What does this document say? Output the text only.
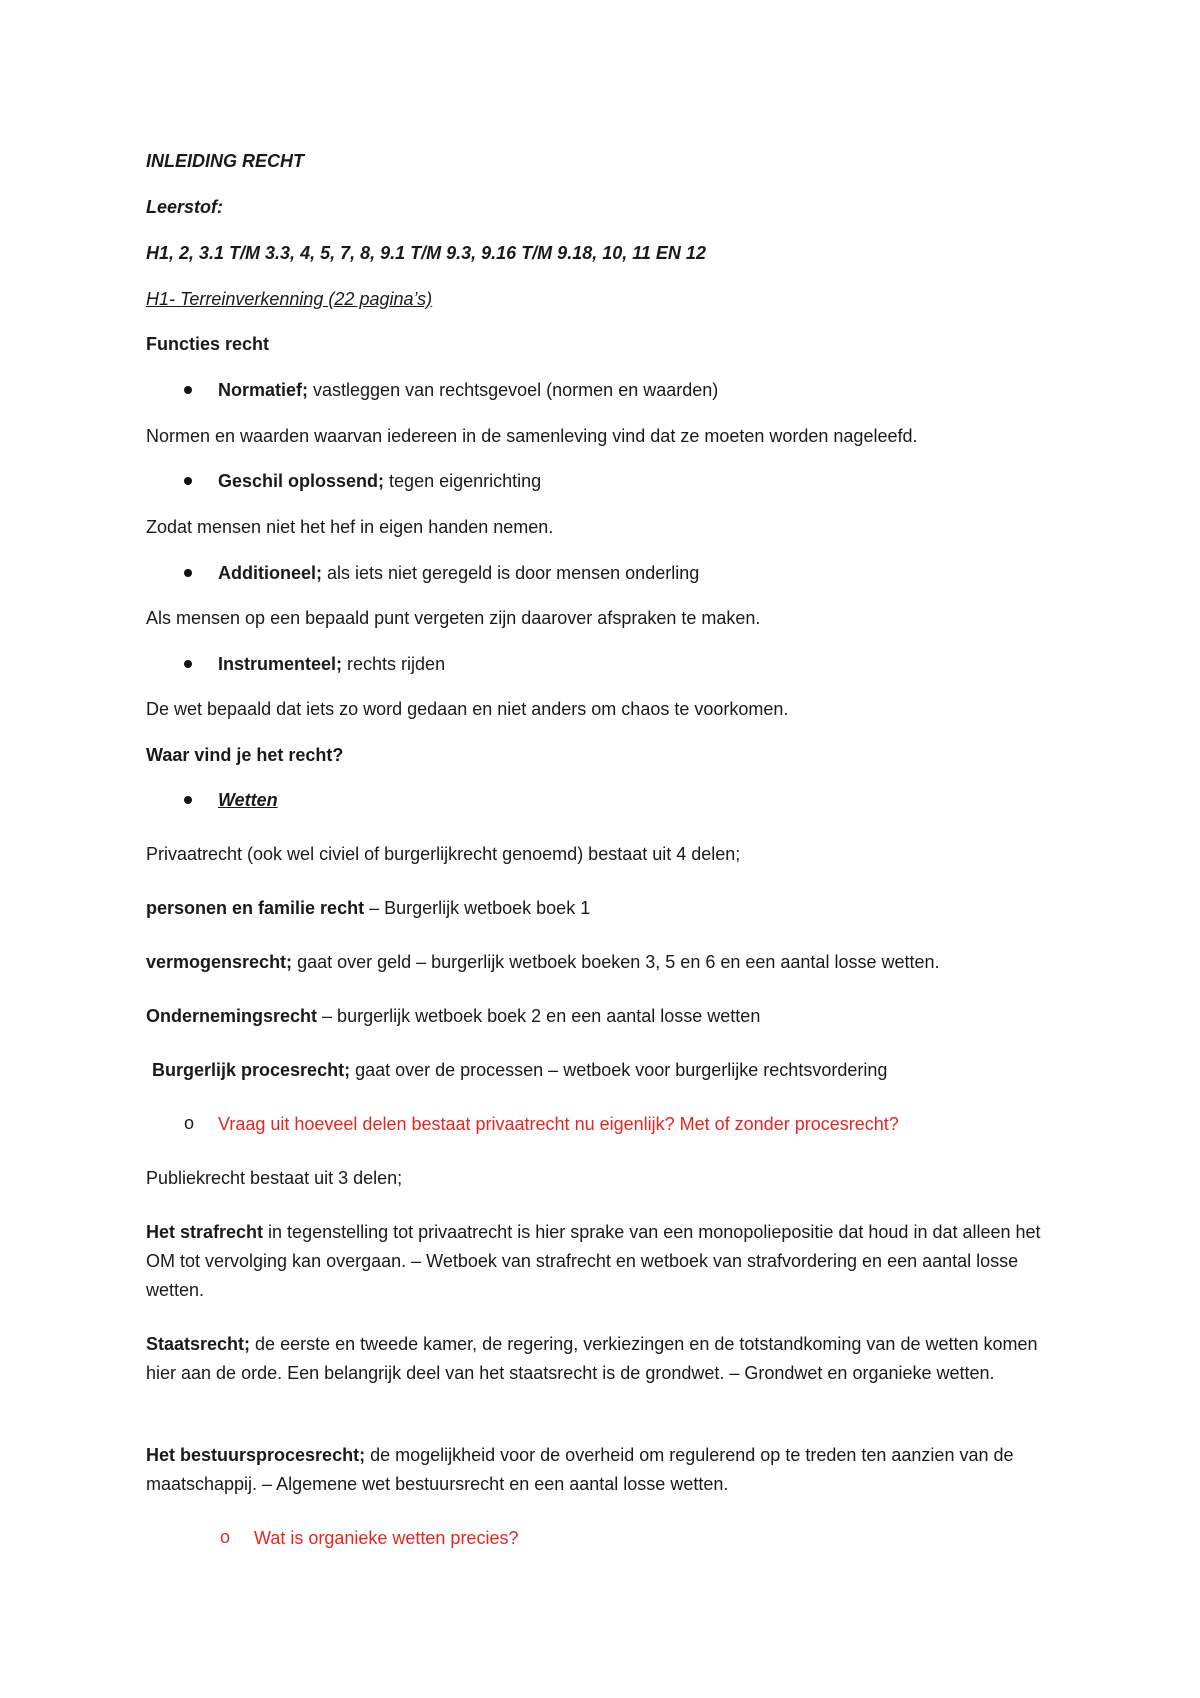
INLEIDING RECHT
Leerstof:
H1, 2, 3.1 T/M 3.3, 4, 5, 7, 8, 9.1 T/M 9.3, 9.16 T/M 9.18, 10, 11 EN 12
H1- Terreinverkenning (22 pagina’s)
Functies recht
Normatief; vastleggen van rechtsgevoel (normen en waarden)
Normen en waarden waarvan iedereen in de samenleving vind dat ze moeten worden nageleefd.
Geschil oplossend; tegen eigenrichting
Zodat mensen niet het hef in eigen handen nemen.
Additioneel; als iets niet geregeld is door mensen onderling
Als mensen op een bepaald punt vergeten zijn daarover afspraken te maken.
Instrumenteel; rechts rijden
De wet bepaald dat iets zo word gedaan en niet anders om chaos te voorkomen.
Waar vind je het recht?
Wetten
Privaatrecht (ook wel civiel of burgerlijkrecht genoemd) bestaat uit 4 delen;
personen en familie recht – Burgerlijk wetboek boek 1
vermogensrecht; gaat over geld – burgerlijk wetboek boeken 3, 5 en 6 en een aantal losse wetten.
Ondernemingsrecht – burgerlijk wetboek boek 2 en een aantal losse wetten
Burgerlijk procesrecht; gaat over de processen – wetboek voor burgerlijke rechtsvordering
o Vraag uit hoeveel delen bestaat privaatrecht nu eigenlijk? Met of zonder procesrecht?
Publiekrecht bestaat uit 3 delen;
Het strafrecht in tegenstelling tot privaatrecht is hier sprake van een monopoliepositie dat houd in dat alleen het OM tot vervolging kan overgaan. – Wetboek van strafrecht en wetboek van strafvordering en een aantal losse wetten.
Staatsrecht; de eerste en tweede kamer, de regering, verkiezingen en de totstandkoming van de wetten komen hier aan de orde. Een belangrijk deel van het staatsrecht is de grondwet. – Grondwet en organieke wetten.
Het bestuursprocesrecht; de mogelijkheid voor de overheid om regulerend op te treden ten aanzien van de maatschappij. – Algemene wet bestuursrecht en een aantal losse wetten.
o Wat is organieke wetten precies?
